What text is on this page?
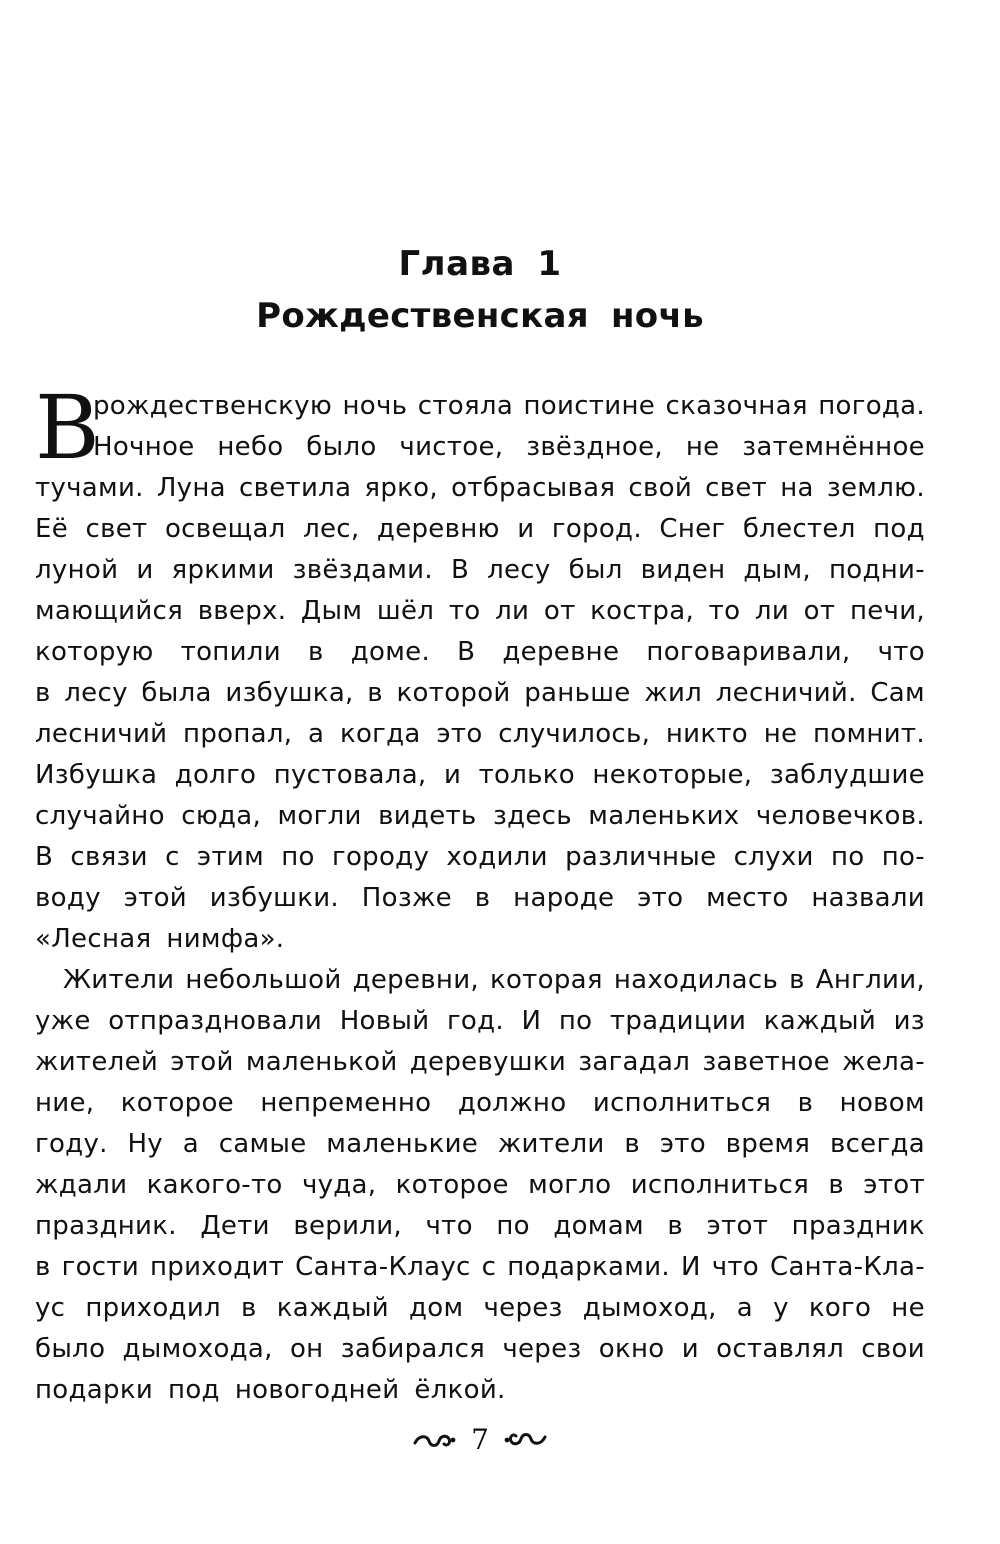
Глава 1
Рождественская ночь
В
рождественскую ночь стояла поистине сказочная погода.
Ночное небо было чистое, звёздное, не затемнённое
тучами. Луна светила ярко, отбрасывая свой свет на землю.
Её свет освещал лес, деревню и город. Снег блестел под
луной и яркими звёздами. В лесу был виден дым, подни-
мающийся вверх. Дым шёл то ли от костра, то ли от печи,
которую топили в доме. В деревне поговаривали, что
в лесу была избушка, в которой раньше жил лесничий. Сам
лесничий пропал, а когда это случилось, никто не помнит.
Избушка долго пустовала, и только некоторые, заблудшие
случайно сюда, могли видеть здесь маленьких человечков.
В связи с этим по городу ходили различные слухи по по-
воду этой избушки. Позже в народе это место назвали
«Лесная нимфа».
Жители небольшой деревни, которая находилась в Англии,
уже отпраздновали Новый год. И по традиции каждый из
жителей этой маленькой деревушки загадал заветное жела-
ние, которое непременно должно исполниться в новом
году. Ну а самые маленькие жители в это время всегда
ждали какого-то чуда, которое могло исполниться в этот
праздник. Дети верили, что по домам в этот праздник
в гости приходит Санта-Клаус с подарками. И что Санта-Кла-
ус приходил в каждый дом через дымоход, а у кого не
было дымохода, он забирался через окно и оставлял свои
подарки под новогодней ёлкой.
7
